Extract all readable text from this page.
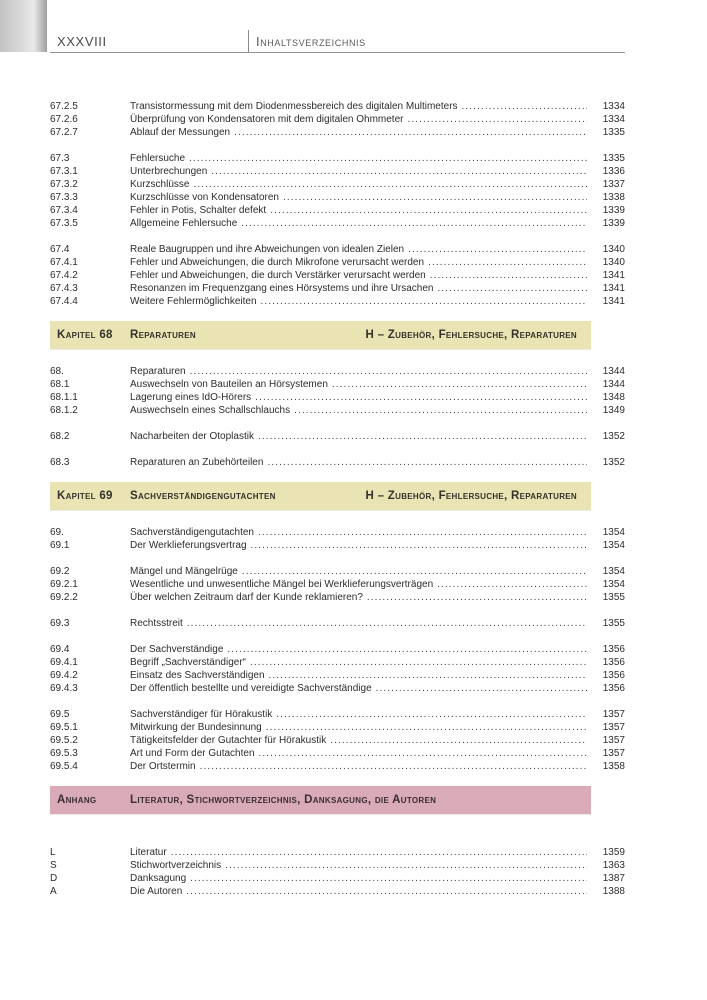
XXXVIII	Inhaltsverzeichnis
67.2.5	Transistormessung mit dem Diodenmessbereich des digitalen Multimeters .....	1334
67.2.6	Überprüfung von Kondensatoren mit dem digitalen Ohmmeter .....	1334
67.2.7	Ablauf der Messungen .....	1335
67.3	Fehlersuche .....	1335
67.3.1	Unterbrechungen .....	1336
67.3.2	Kurzschlüsse .....	1337
67.3.3	Kurzschlüsse von Kondensatoren .....	1338
67.3.4	Fehler in Potis, Schalter defekt .....	1339
67.3.5	Allgemeine Fehlersuche .....	1339
67.4	Reale Baugruppen und ihre Abweichungen von idealen Zielen .....	1340
67.4.1	Fehler und Abweichungen, die durch Mikrofone verursacht werden .....	1340
67.4.2	Fehler und Abweichungen, die durch Verstärker verursacht werden .....	1341
67.4.3	Resonanzen im Frequenzgang eines Hörsystems und ihre Ursachen .....	1341
67.4.4	Weitere Fehlermöglichkeiten .....	1341
Kapitel 68	Reparaturen	H – Zubehör, Fehlersuche, Reparaturen
68.	Reparaturen .....	1344
68.1	Auswechseln von Bauteilen an Hörsystemen .....	1344
68.1.1	Lagerung eines IdO-Hörers .....	1348
68.1.2	Auswechseln eines Schallschlauchs .....	1349
68.2	Nacharbeiten der Otoplastik .....	1352
68.3	Reparaturen an Zubehörteilen .....	1352
Kapitel 69	Sachverständigengutachten	H – Zubehör, Fehlersuche, Reparaturen
69.	Sachverständigengutachten .....	1354
69.1	Der Werklieferungsvertrag .....	1354
69.2	Mängel und Mängelrüge .....	1354
69.2.1	Wesentliche und unwesentliche Mängel bei Werklieferungsverträgen .....	1354
69.2.2	Über welchen Zeitraum darf der Kunde reklamieren? .....	1355
69.3	Rechtsstreit .....	1355
69.4	Der Sachverständige .....	1356
69.4.1	Begriff „Sachverständiger“ .....	1356
69.4.2	Einsatz des Sachverständigen .....	1356
69.4.3	Der öffentlich bestellte und vereidigte Sachverständige .....	1356
69.5	Sachverständiger für Hörakustik .....	1357
69.5.1	Mitwirkung der Bundesinnung .....	1357
69.5.2	Tätigkeitsfelder der Gutachter für Hörakustik .....	1357
69.5.3	Art und Form der Gutachten .....	1357
69.5.4	Der Ortstermin .....	1358
Anhang	Literatur, Stichwortverzeichnis, Danksagung, die Autoren
L	Literatur .....	1359
S	Stichwortverzeichnis .....	1363
D	Danksagung .....	1387
A	Die Autoren .....	1388
